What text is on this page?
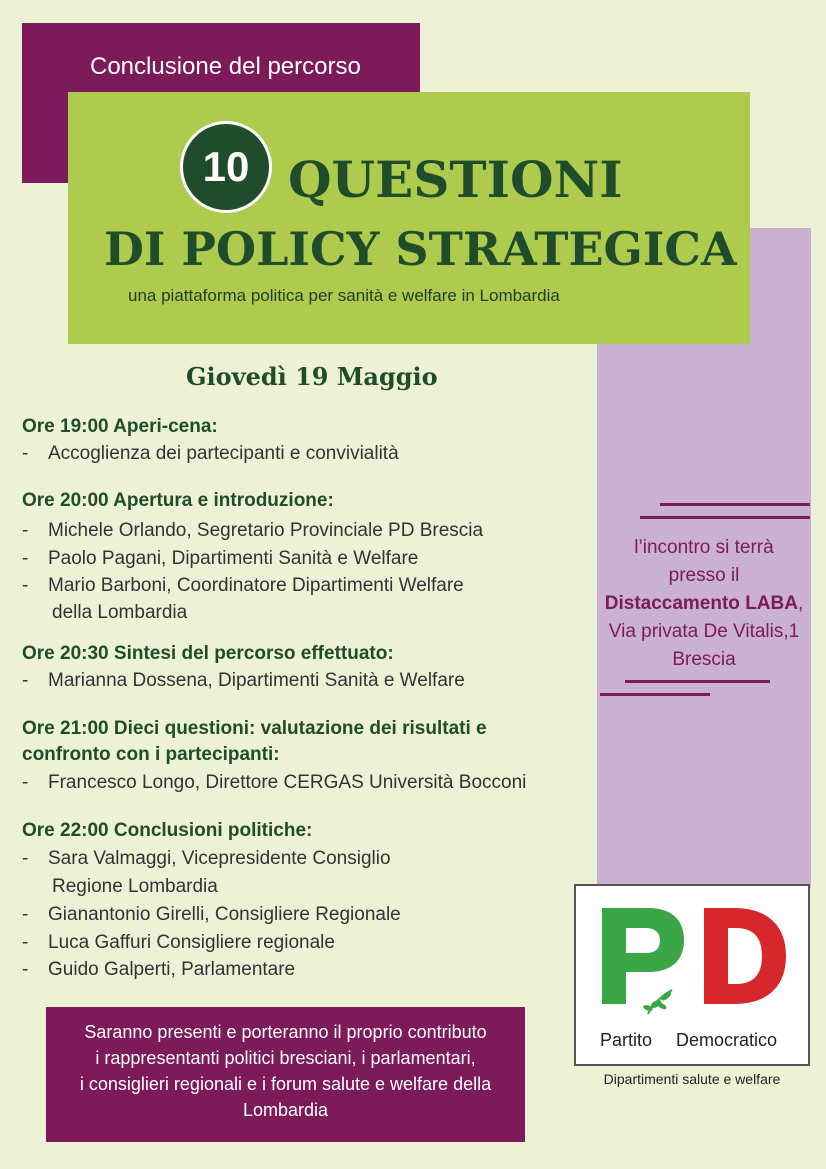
Conclusione del percorso
10 QUESTIONI
DI POLICY STRATEGICA
una piattaforma politica per sanità e welfare in Lombardia
Giovedì 19 Maggio
Ore 19:00 Aperi-cena:
- Accoglienza dei partecipanti e convivialità
Ore 20:00 Apertura e introduzione:
- Michele Orlando, Segretario Provinciale PD Brescia
- Paolo Pagani, Dipartimenti Sanità e Welfare
- Mario Barboni, Coordinatore Dipartimenti Welfare
della Lombardia
Ore 20:30 Sintesi del percorso effettuato:
- Marianna Dossena, Dipartimenti Sanità e Welfare
Ore 21:00 Dieci questioni: valutazione dei risultati e
confronto con i partecipanti:
- Francesco Longo, Direttore CERGAS Università Bocconi
Ore 22:00 Conclusioni politiche:
- Sara Valmaggi, Vicepresidente Consiglio
Regione Lombardia
- Gianantonio Girelli, Consigliere Regionale
- Luca Gaffuri Consigliere regionale
- Guido Galperti, Parlamentare
l’incontro si terrà
presso il
Distaccamento LABA,
Via privata De Vitalis,1
Brescia
Partito Democratico
Dipartimenti salute e welfare
Saranno presenti e porteranno il proprio contributo
i rappresentanti politici bresciani, i parlamentari,
i consiglieri regionali e i forum salute e welfare della
Lombardia
